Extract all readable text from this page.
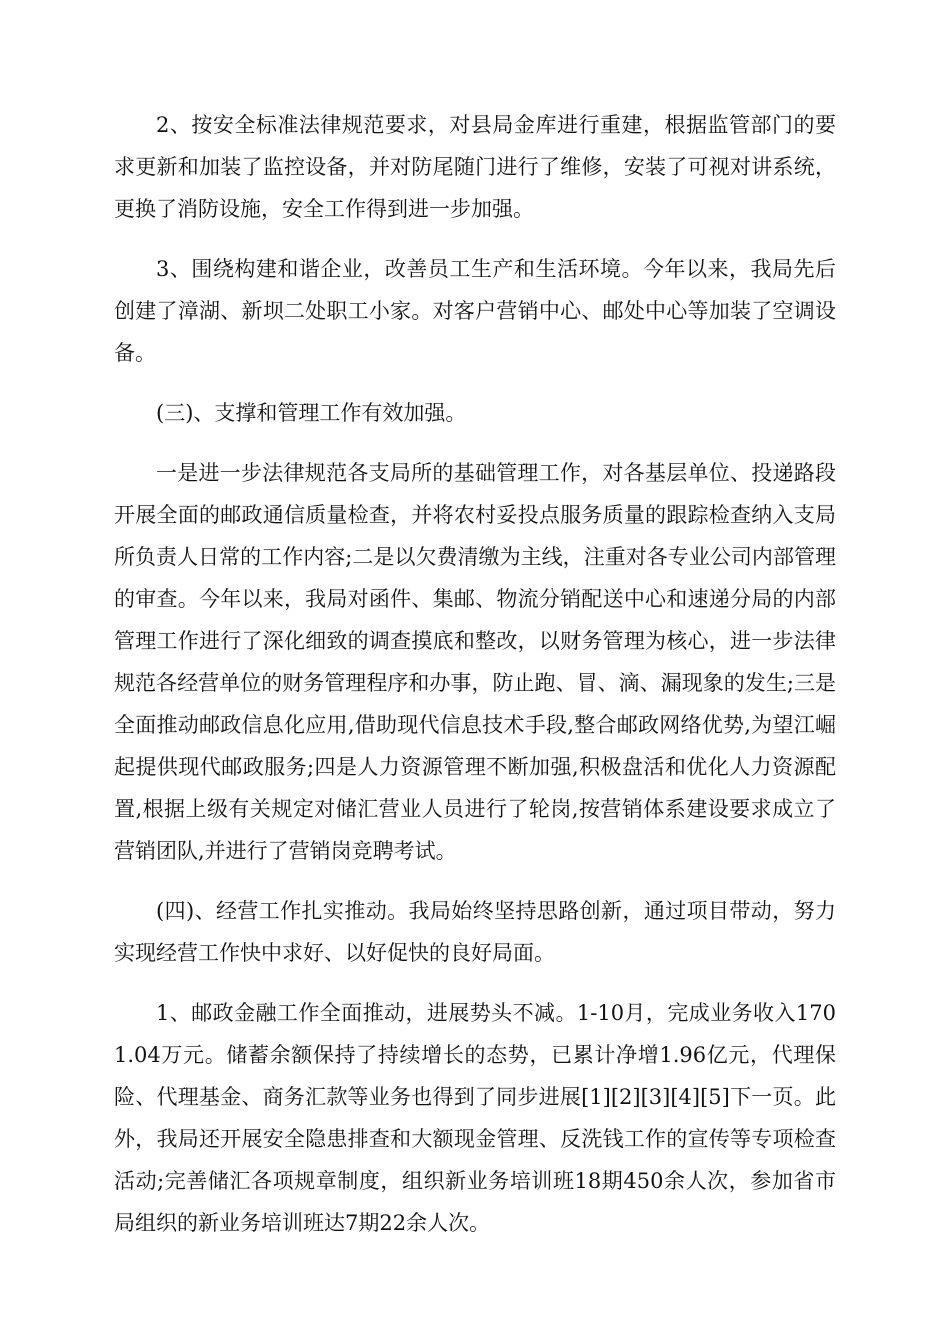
2、按安全标准法律规范要求，对县局金库进行重建，根据监管部门的要求更新和加装了监控设备，并对防尾随门进行了维修，安装了可视对讲系统，更换了消防设施，安全工作得到进一步加强。

3、围绕构建和谐企业，改善员工生产和生活环境。今年以来，我局先后创建了漳湖、新坝二处职工小家。对客户营销中心、邮处中心等加装了空调设备。

(三)、支撑和管理工作有效加强。

一是进一步法律规范各支局所的基础管理工作，对各基层单位、投递路段开展全面的邮政通信质量检查，并将农村妥投点服务质量的跟踪检查纳入支局所负责人日常的工作内容;二是以欠费清缴为主线，注重对各专业公司内部管理的审查。今年以来，我局对函件、集邮、物流分销配送中心和速递分局的内部管理工作进行了深化细致的调查摸底和整改，以财务管理为核心，进一步法律规范各经营单位的财务管理程序和办事，防止跑、冒、滴、漏现象的发生;三是全面推动邮政信息化应用,借助现代信息技术手段,整合邮政网络优势,为望江崛起提供现代邮政服务;四是人力资源管理不断加强,积极盘活和优化人力资源配置,根据上级有关规定对储汇营业人员进行了轮岗,按营销体系建设要求成立了营销团队,并进行了营销岗竞聘考试。

(四)、经营工作扎实推动。我局始终坚持思路创新，通过项目带动，努力实现经营工作快中求好、以好促快的良好局面。

1、邮政金融工作全面推动，进展势头不减。1-10月，完成业务收入1701.04万元。储蓄余额保持了持续增长的态势，已累计净增1.96亿元，代理保险、代理基金、商务汇款等业务也得到了同步进展[1][2][3][4][5]下一页。此外，我局还开展安全隐患排查和大额现金管理、反洗钱工作的宣传等专项检查活动;完善储汇各项规章制度，组织新业务培训班18期450余人次，参加省市局组织的新业务培训班达7期22余人次。
